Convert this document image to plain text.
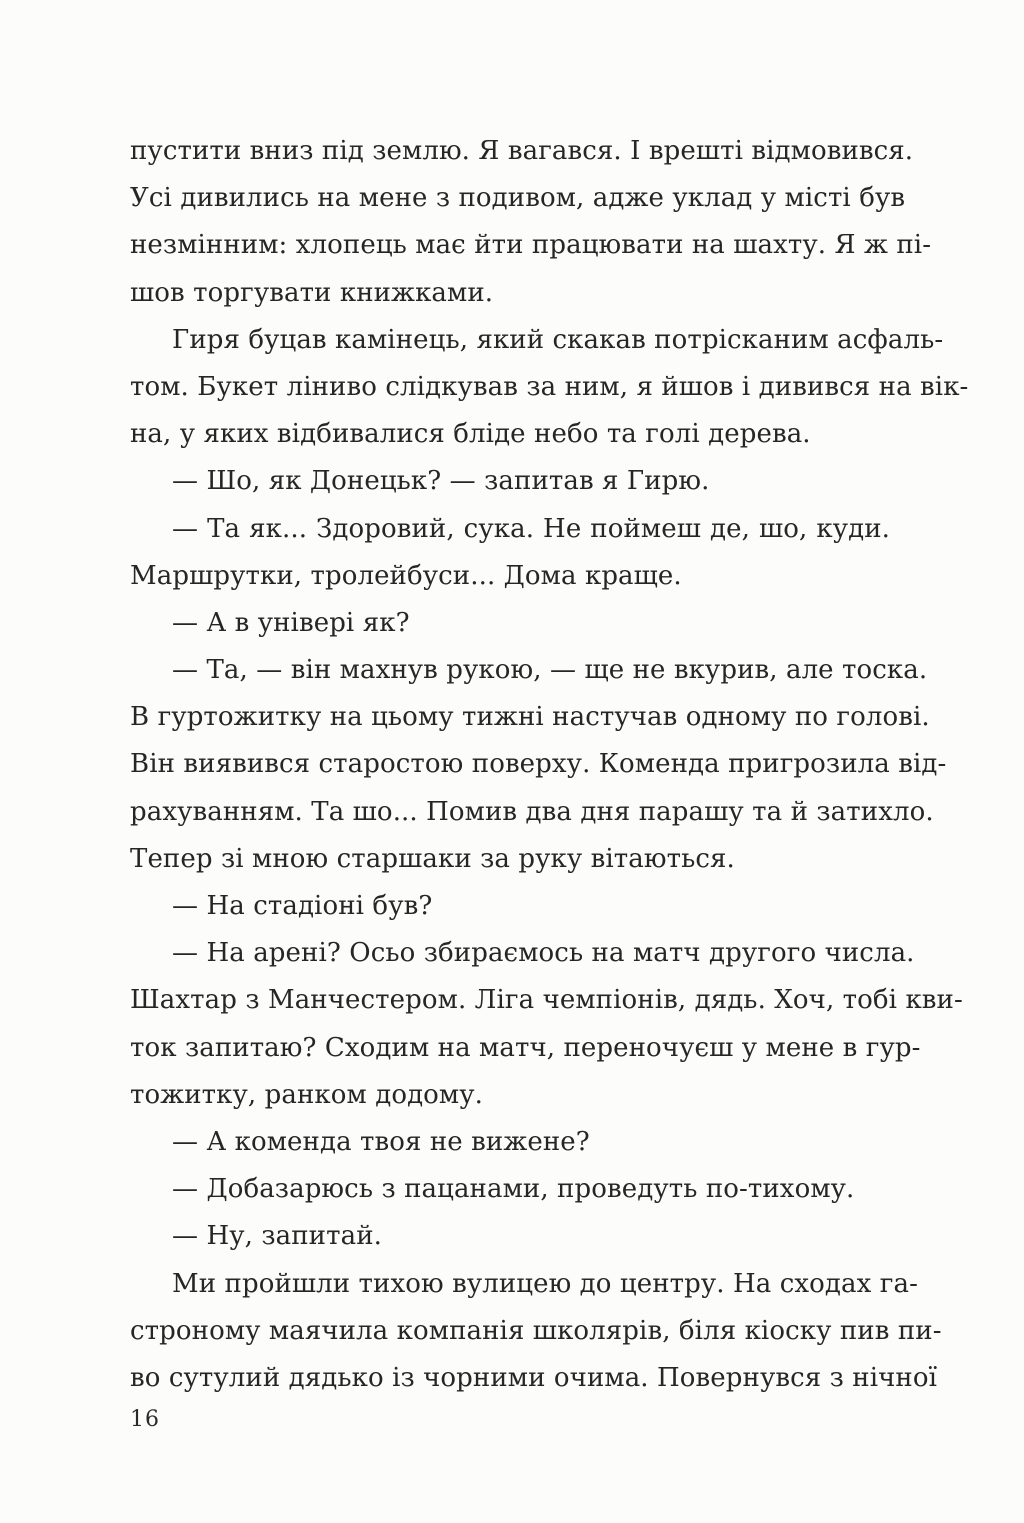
пустити вниз під землю. Я вагався. І врешті відмовився.
Усі дивились на мене з подивом, адже уклад у місті був
незмінним: хлопець має йти працювати на шахту. Я ж пі-
шов торгувати книжками.
Гиря буцав камінець, який скакав потрісканим асфаль-
том. Букет ліниво слідкував за ним, я йшов і дивився на вік-
на, у яких відбивалися бліде небо та голі дерева.
— Шо, як Донецьк? — запитав я Гирю.
— Та як... Здоровий, сука. Не поймеш де, шо, куди.
Маршрутки, тролейбуси... Дома краще.
— А в універі як?
— Та, — він махнув рукою, — ще не вкурив, але тоска.
В гуртожитку на цьому тижні настучав одному по голові.
Він виявився старостою поверху. Коменда пригрозила від-
рахуванням. Та шо... Помив два дня парашу та й затихло.
Тепер зі мною старшаки за руку вітаються.
— На стадіоні був?
— На арені? Осьо збираємось на матч другого числа.
Шахтар з Манчестером. Ліга чемпіонів, дядь. Хоч, тобі кви-
ток запитаю? Сходим на матч, переночуєш у мене в гур-
тожитку, ранком додому.
— А коменда твоя не вижене?
— Добазарюсь з пацанами, проведуть по-тихому.
— Ну, запитай.
Ми пройшли тихою вулицею до центру. На сходах га-
строному маячила компанія школярів, біля кіоску пив пи-
во сутулий дядько із чорними очима. Повернувся з нічної
16
